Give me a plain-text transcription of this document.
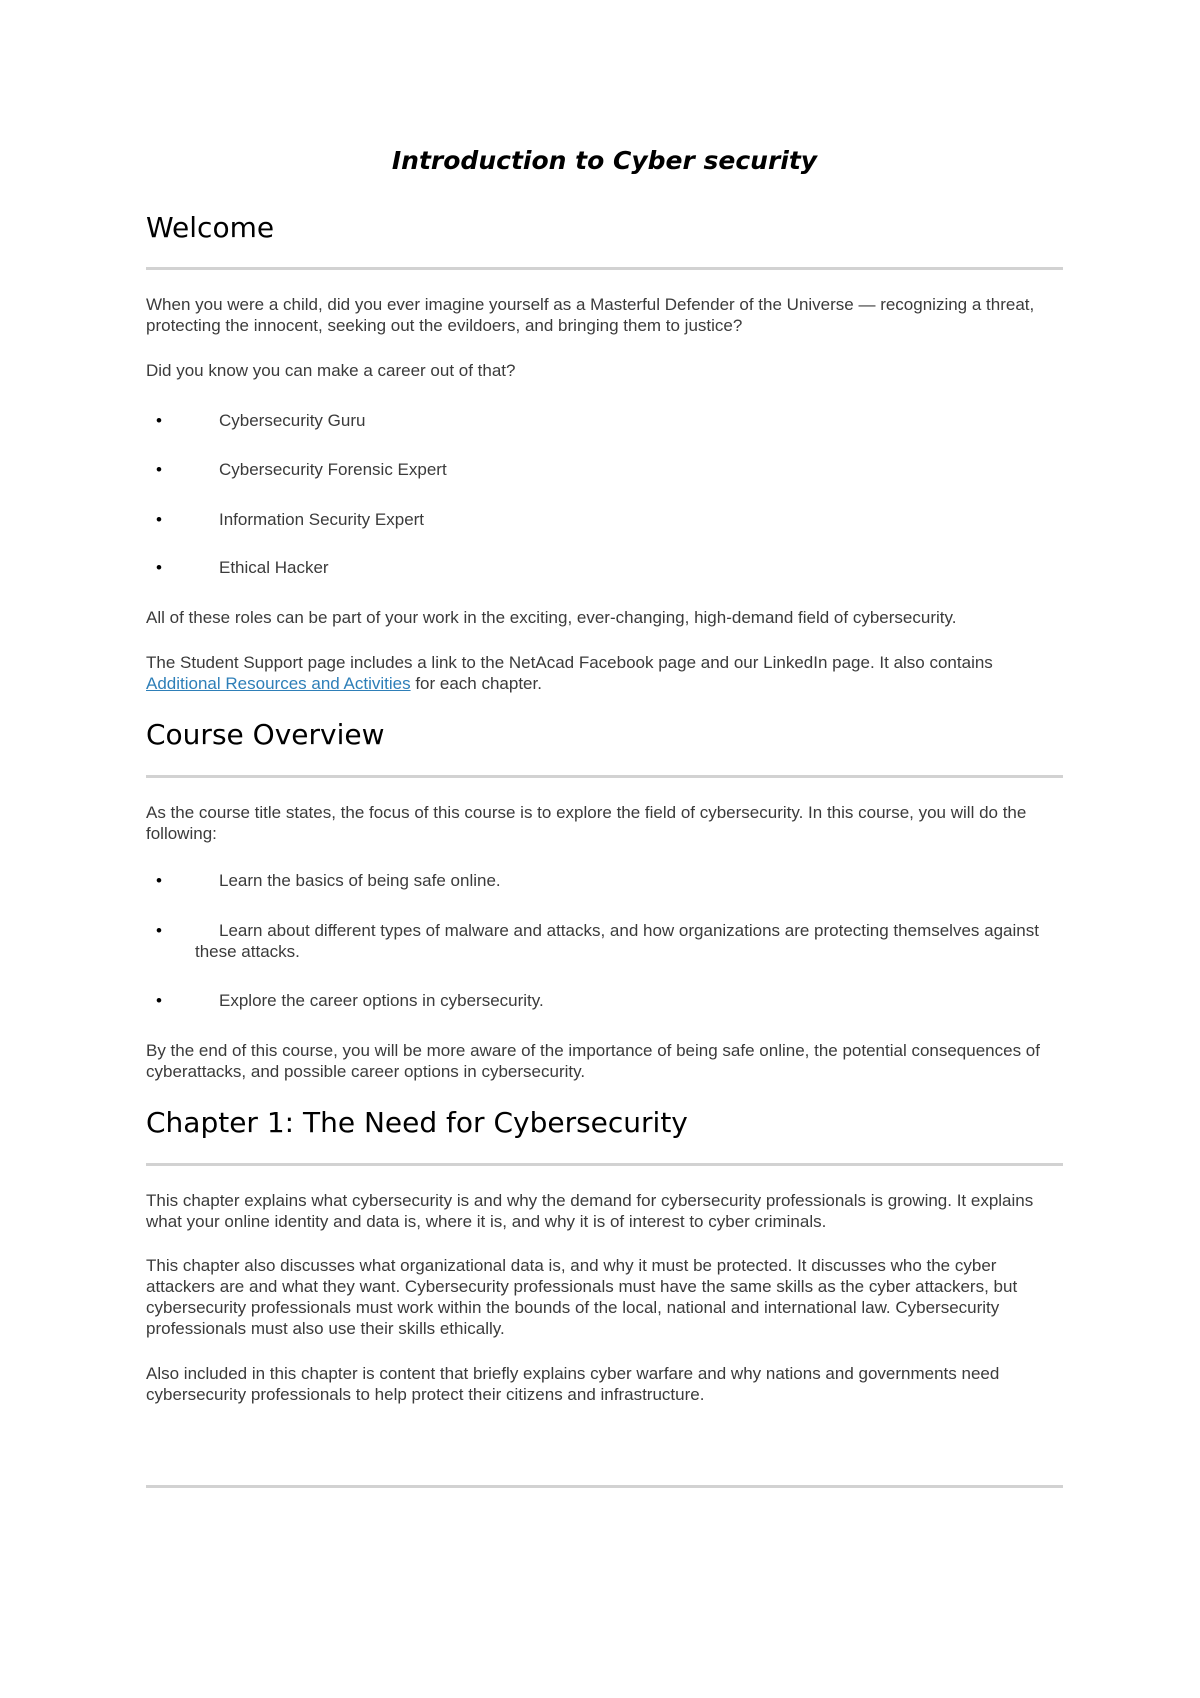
Introduction to Cyber security
Welcome

When you were a child, did you ever imagine yourself as a Masterful Defender of the Universe — recognizing a threat, protecting the innocent, seeking out the evildoers, and bringing them to justice?

Did you know you can make a career out of that?

•	Cybersecurity Guru
•	Cybersecurity Forensic Expert
•	Information Security Expert
•	Ethical Hacker

All of these roles can be part of your work in the exciting, ever-changing, high-demand field of cybersecurity.

The Student Support page includes a link to the NetAcad Facebook page and our LinkedIn page. It also contains Additional Resources and Activities for each chapter.

Course Overview

As the course title states, the focus of this course is to explore the field of cybersecurity. In this course, you will do the following:

•	Learn the basics of being safe online.
•	Learn about different types of malware and attacks, and how organizations are protecting themselves against these attacks.
•	Explore the career options in cybersecurity.

By the end of this course, you will be more aware of the importance of being safe online, the potential consequences of cyberattacks, and possible career options in cybersecurity.

Chapter 1: The Need for Cybersecurity

This chapter explains what cybersecurity is and why the demand for cybersecurity professionals is growing. It explains what your online identity and data is, where it is, and why it is of interest to cyber criminals.

This chapter also discusses what organizational data is, and why it must be protected. It discusses who the cyber attackers are and what they want. Cybersecurity professionals must have the same skills as the cyber attackers, but cybersecurity professionals must work within the bounds of the local, national and international law. Cybersecurity professionals must also use their skills ethically.

Also included in this chapter is content that briefly explains cyber warfare and why nations and governments need cybersecurity professionals to help protect their citizens and infrastructure.
